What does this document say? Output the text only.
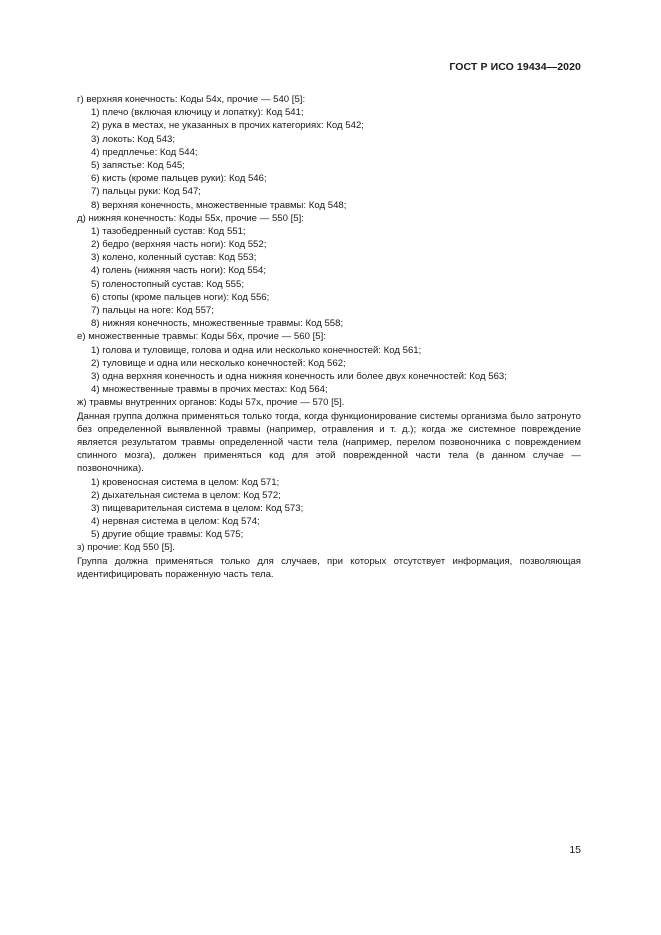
ГОСТ Р ИСО 19434—2020
г) верхняя конечность: Коды 54х, прочие — 540 [5]:
1) плечо (включая ключицу и лопатку): Код 541;
2) рука в местах, не указанных в прочих категориях: Код 542;
3) локоть: Код 543;
4) предплечье: Код 544;
5) запястье: Код 545;
6) кисть (кроме пальцев руки): Код 546;
7) пальцы руки: Код 547;
8) верхняя конечность, множественные травмы: Код 548;
д) нижняя конечность: Коды 55х, прочие — 550 [5]:
1) тазобедренный сустав: Код 551;
2) бедро (верхняя часть ноги): Код 552;
3) колено, коленный сустав: Код 553;
4) голень (нижняя часть ноги): Код 554;
5) голеностопный сустав: Код 555;
6) стопы (кроме пальцев ноги): Код 556;
7) пальцы на ноге: Код 557;
8) нижняя конечность, множественные травмы: Код 558;
е) множественные травмы: Коды 56х, прочие — 560 [5]:
1) голова и туловище, голова и одна или несколько конечностей: Код 561;
2) туловище и одна или несколько конечностей: Код 562;
3) одна верхняя конечность и одна нижняя конечность или более двух конечностей: Код 563;
4) множественные травмы в прочих местах: Код 564;
ж) травмы внутренних органов: Коды 57х, прочие — 570 [5].
Данная группа должна применяться только тогда, когда функционирование системы организма было затронуто без определенной выявленной травмы (например, отравления и т. д.); когда же системное повреждение является результатом травмы определенной части тела (например, перелом позвоночника с повреждением спинного мозга), должен применяться код для этой поврежденной части тела (в данном случае — позвоночника).
1) кровеносная система в целом: Код 571;
2) дыхательная система в целом: Код 572;
3) пищеварительная система в целом: Код 573;
4) нервная система в целом: Код 574;
5) другие общие травмы: Код 575;
з) прочие: Код 550 [5].
Группа должна применяться только для случаев, при которых отсутствует информация, позволяющая идентифицировать пораженную часть тела.
15
